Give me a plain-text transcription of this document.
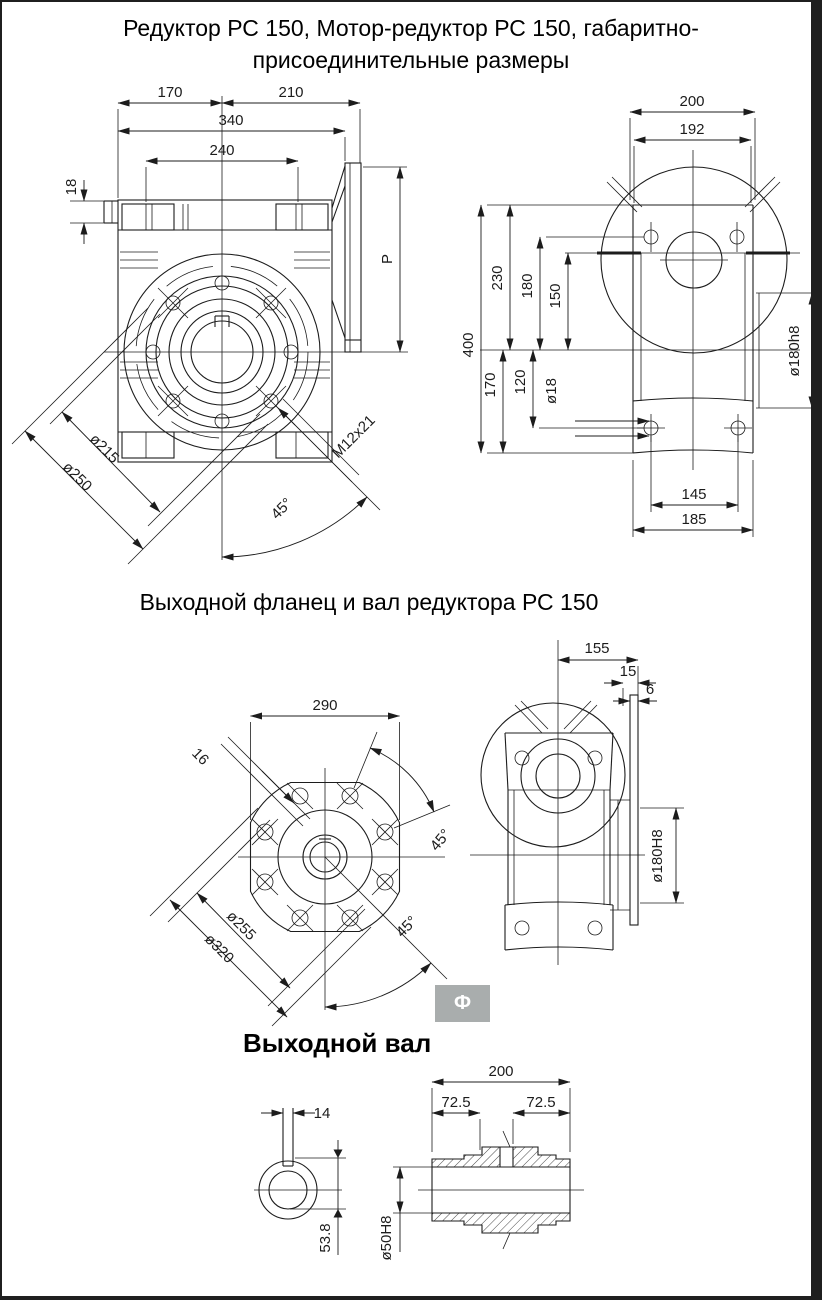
Редуктор РС 150, Мотор-редуктор РС 150, габаритно-присоединительные размеры
Выходной фланец и вал редуктора РС 150
Выходной вал
Ф
170	210
340
240
18
P
ø215
ø250
M12x21
45°
200
192
400
230 180 150
120
170	ø18
ø180h8
145
185
290
16
45°
45°
ø255
ø320
155
15
6
ø180H8
14
53.8
200
72.5	72.5
ø50H8
